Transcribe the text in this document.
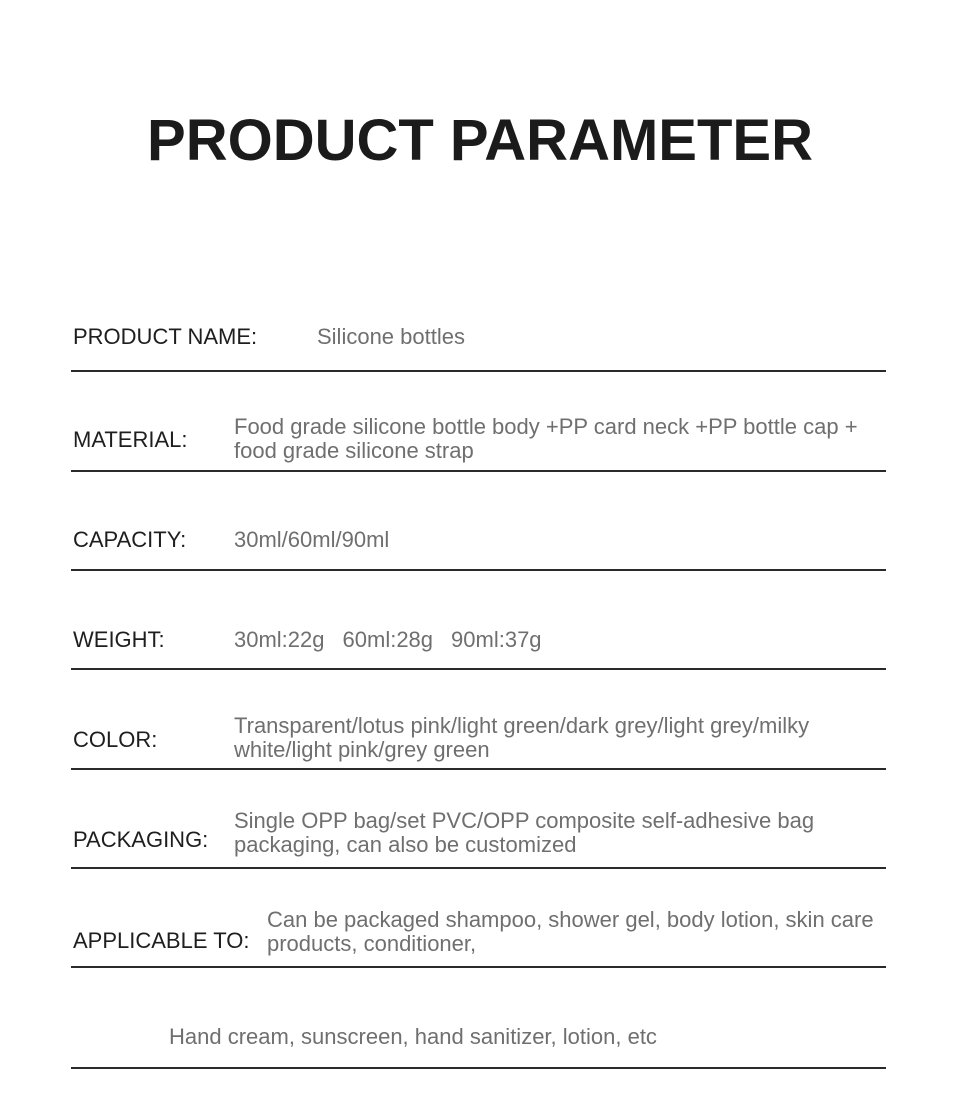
PRODUCT PARAMETER
PRODUCT NAME:	Silicone bottles
MATERIAL:
Food grade silicone bottle body +PP card neck +PP bottle cap +
food grade silicone strap
CAPACITY: 30ml/60ml/90ml
WEIGHT:	30ml:22g 60ml:28g 90ml:37g
COLOR:
Transparent/lotus pink/light green/dark grey/light grey/milky
white/light pink/grey green
PACKAGING:
Single OPP bag/set PVC/OPP composite self-adhesive bag
packaging, can also be customized
APPLICABLE TO:
Can be packaged shampoo, shower gel, body lotion, skin care
products, conditioner,
Hand cream, sunscreen, hand sanitizer, lotion, etc
